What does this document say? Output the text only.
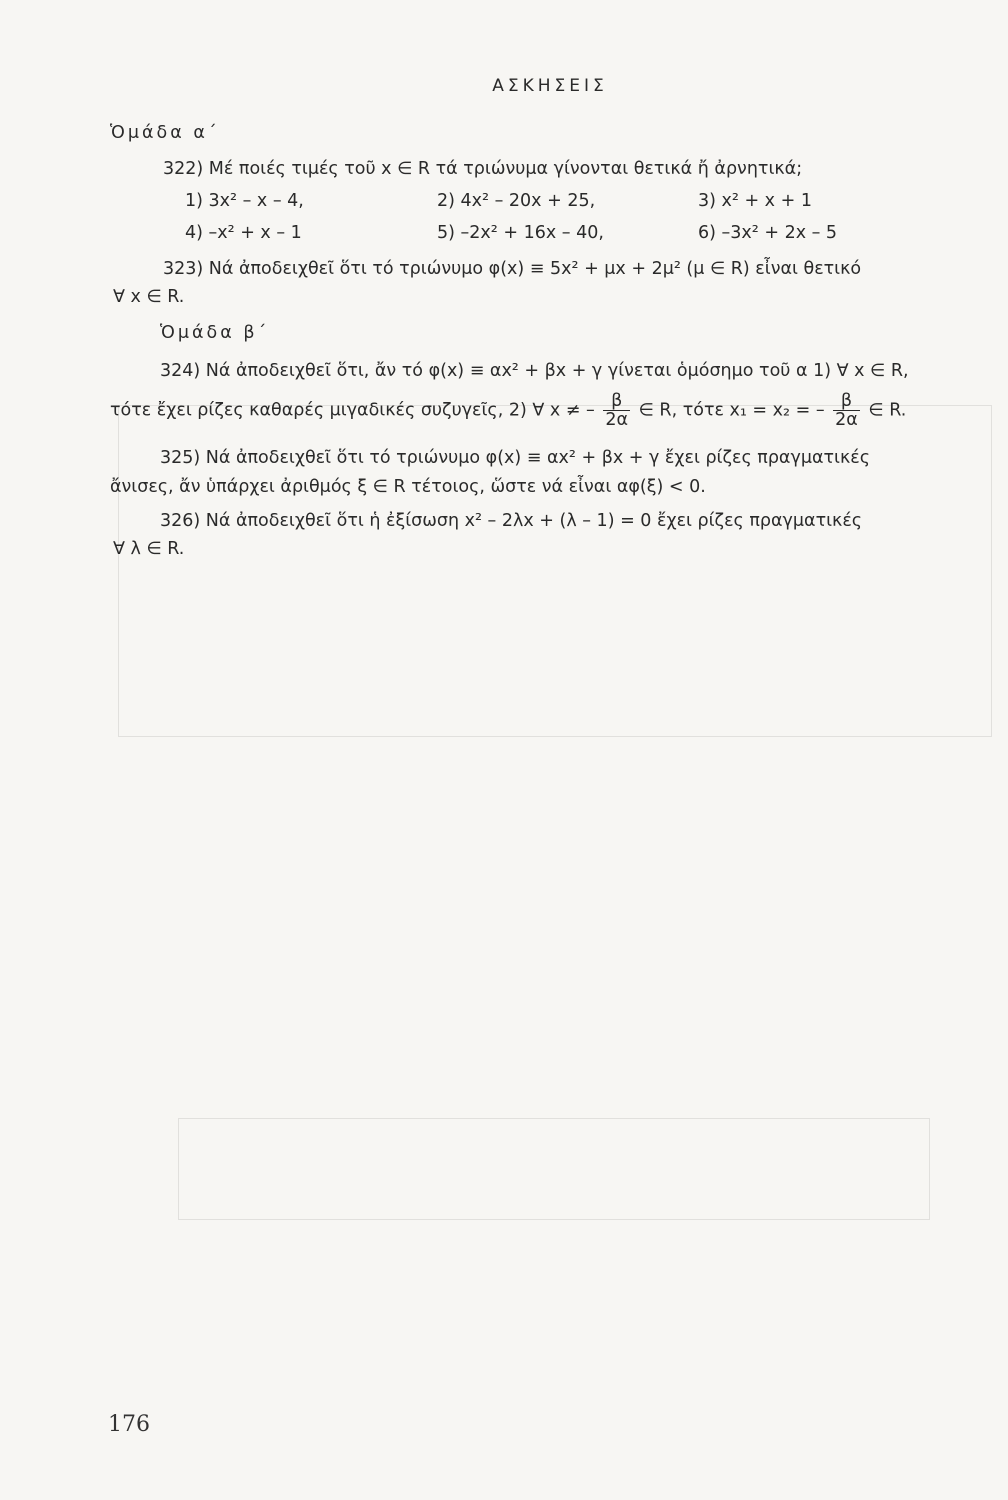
ΑΣΚΗΣΕΙΣ
Ὁμάδα α΄
322) Μέ ποιές τιμές τοῦ x ∈ R τά τριώνυμα γίνονται θετικά ἤ ἀρνητικά;
1) 3x² – x – 4,	2) 4x² – 20x + 25,	3) x² + x + 1
4) –x² + x – 1	5) –2x² + 16x – 40,	6) –3x² + 2x – 5
323) Νά ἀποδειχθεῖ ὅτι τό τριώνυμο φ(x) ≡ 5x² + μx + 2μ² (μ ∈ R) εἶναι θετικό
∀ x ∈ R.
Ὁμάδα β΄
324) Νά ἀποδειχθεῖ ὅτι, ἄν τό φ(x) ≡ αx² + βx + γ γίνεται ὁμόσημο τοῦ α 1) ∀ x ∈ R,
τότε ἔχει ρίζες καθαρές μιγαδικές συζυγεῖς, 2) ∀ x ≠ – $\frac{\beta}{2\alpha}$ ∈ R, τότε x₁ = x₂ = – $\frac{\beta}{2\alpha}$ ∈ R.
325) Νά ἀποδειχθεῖ ὅτι τό τριώνυμο φ(x) ≡ αx² + βx + γ ἔχει ρίζες πραγματικές
ἄνισες, ἄν ὑπάρχει ἀριθμός ξ ∈ R τέτοιος, ὥστε νά εἶναι αφ(ξ) < 0.
326) Νά ἀποδειχθεῖ ὅτι ἡ ἐξίσωση x² – 2λx + (λ – 1) = 0 ἔχει ρίζες πραγματικές
∀ λ ∈ R.
176
